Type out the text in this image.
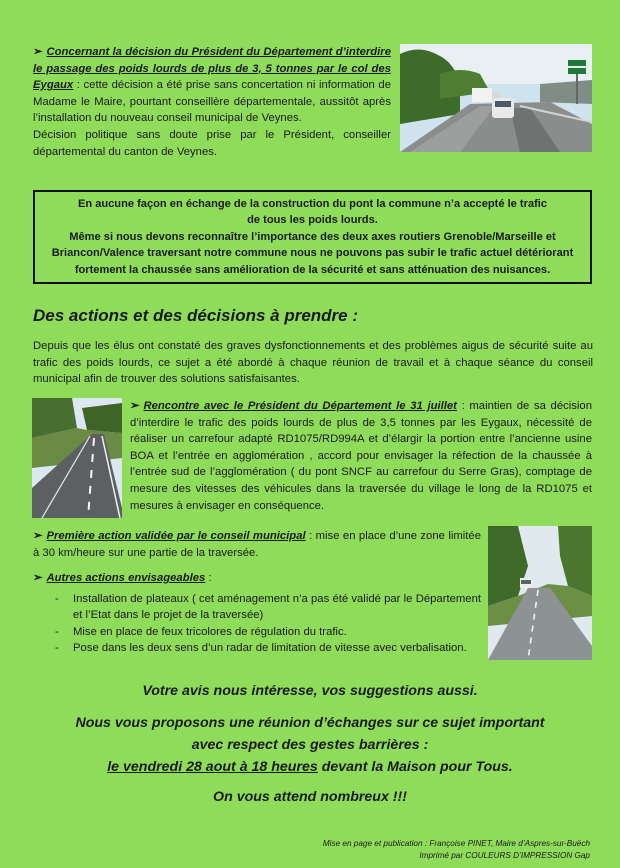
➢ Concernant la décision du Président du Département d’interdire le passage des poids lourds de plus de 3, 5 tonnes par le col des Eygaux : cette décision a été prise sans concertation ni information de Madame le Maire, pourtant conseillère départementale, aussitôt après l’installation du nouveau conseil municipal de Veynes.

Décision politique sans doute prise par le Président, conseiller départemental du canton de Veynes.

En aucune façon en échange de la construction du pont la commune n’a accepté le trafic
de tous les poids lourds.
Même si nous devons reconnaître l’importance des deux axes routiers Grenoble/Marseille et Briancon/Valence traversant notre commune nous ne pouvons pas subir le trafic actuel détériorant fortement la chaussée sans amélioration de la sécurité et sans atténuation des nuisances.

Des actions et des décisions à prendre :

Depuis que les élus ont constaté des graves dysfonctionnements et des problèmes aigus de sécurité suite au trafic des poids lourds, ce sujet a été abordé à chaque réunion de travail et à chaque séance du conseil municipal afin de trouver des solutions satisfaisantes.

➢ Rencontre avec le Président du Département le 31 juillet : maintien de sa décision d’interdire le trafic des poids lourds de plus de 3,5 tonnes par les Eygaux, nécessité de réaliser un carrefour adapté RD1075/RD994A et d’élargir la portion entre l’ancienne usine BOA et l’entrée en agglomération , accord pour envisager la réfection de la chaussée à l’entrée sud de l’agglomération ( du pont SNCF au carrefour du Serre Gras), comptage de mesure des vitesses des véhicules dans la traversée du village le long de la RD1075 et mesures à envisager en conséquence.

➢ Première action validée par le conseil municipal : mise en place d’une zone limitée à 30 km/heure sur une partie de la traversée.

➢ Autres actions envisageables :

- Installation de plateaux ( cet aménagement n’a pas été validé par le Département et l’Etat dans le projet de la traversée)
- Mise en place de feux tricolores de régulation du trafic.
- Pose dans les deux sens d’un radar de limitation de vitesse avec verbalisation.

Votre avis nous intéresse, vos suggestions aussi.

Nous vous proposons une réunion d’échanges sur ce sujet important

avec respect des gestes barrières :

le vendredi 28 aout à 18 heures devant la Maison pour Tous.

On vous attend nombreux !!!

Mise en page et publication : Françoise PINET, Maire d’Aspres-sur-Buëch

Imprimé par COULEURS D’IMPRESSION Gap
